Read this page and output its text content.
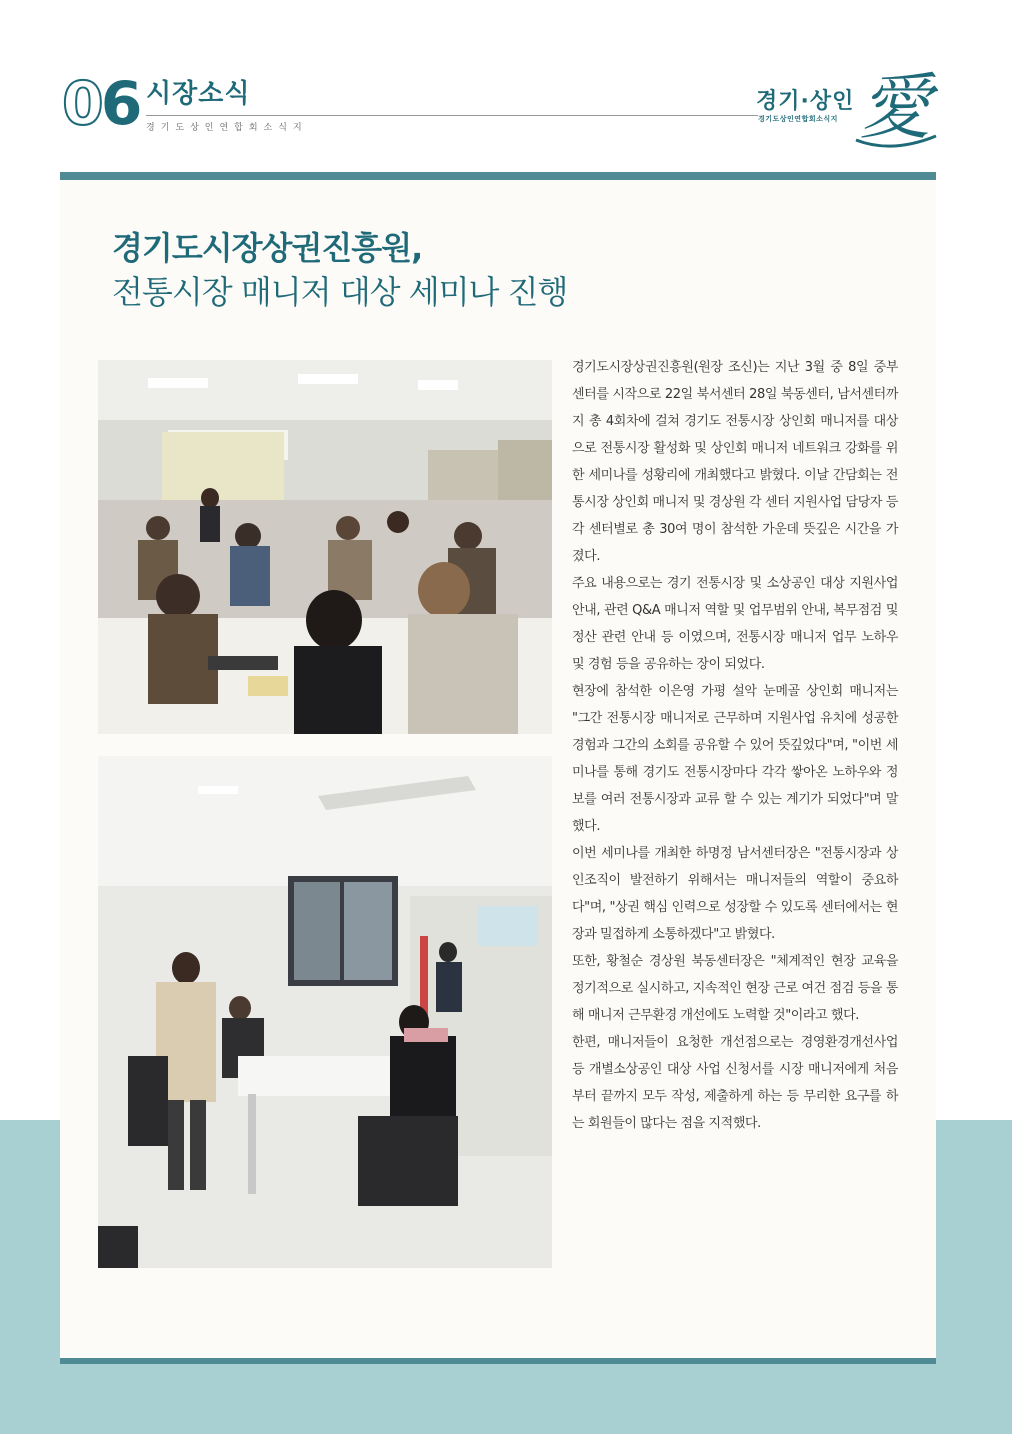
06 시장소식
경기도상인연합회소식지
경기·상인
경기도상인연합회소식지 愛
경기도시장상권진흥원,
전통시장 매니저 대상 세미나 진행

경기도시장상권진흥원(원장 조신)는 지난 3월 중 8일 중부센터를 시작으로 22일 북서센터 28일 북동센터, 남서센터까지 총 4회차에 걸쳐 경기도 전통시장 상인회 매니저를 대상으로 전통시장 활성화 및 상인회 매니저 네트워크 강화를 위한 세미나를 성황리에 개최했다고 밝혔다. 이날 간담회는 전통시장 상인회 매니저 및 경상원 각 센터 지원사업 담당자 등 각 센터별로 총 30여 명이 참석한 가운데 뜻깊은 시간을 가졌다.

주요 내용으로는 경기 전통시장 및 소상공인 대상 지원사업 안내, 관련 Q&A 매니저 역할 및 업무범위 안내, 복무점검 및 정산 관련 안내 등 이였으며, 전통시장 매니저 업무 노하우 및 경험 등을 공유하는 장이 되었다.

현장에 참석한 이은영 가평 설악 눈메골 상인회 매니저는 "그간 전통시장 매니저로 근무하며 지원사업 유치에 성공한 경험과 그간의 소회를 공유할 수 있어 뜻깊었다"며, "이번 세미나를 통해 경기도 전통시장마다 각각 쌓아온 노하우와 정보를 여러 전통시장과 교류 할 수 있는 계기가 되었다"며 말했다.

이번 세미나를 개최한 하명정 남서센터장은 "전통시장과 상인조직이 발전하기 위해서는 매니저들의 역할이 중요하다"며, "상권 핵심 인력으로 성장할 수 있도록 센터에서는 현장과 밀접하게 소통하겠다"고 밝혔다.

또한, 황철순 경상원 북동센터장은 "체계적인 현장 교육을 정기적으로 실시하고, 지속적인 현장 근로 여건 점검 등을 통해 매니저 근무환경 개선에도 노력할 것"이라고 했다.

한편, 매니저들이 요청한 개선점으로는 경영환경개선사업 등 개별소상공인 대상 사업 신청서를 시장 매니저에게 처음부터 끝까지 모두 작성, 제출하게 하는 등 무리한 요구를 하는 회원들이 많다는 점을 지적했다.
